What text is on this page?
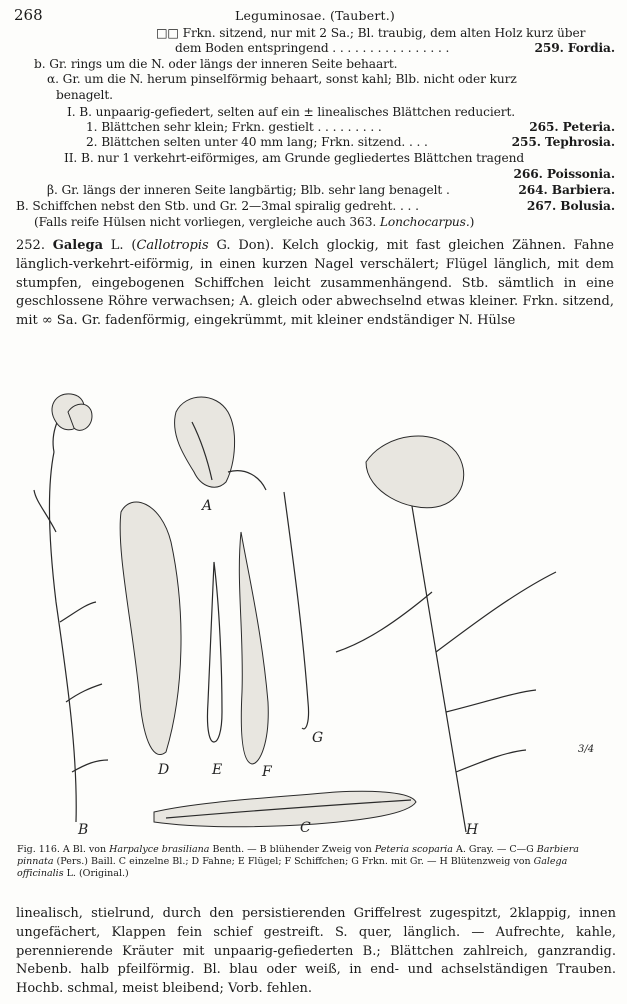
268	Leguminosae. (Taubert.)
□□ Frkn. sitzend, nur mit 2 Sa.; Bl. traubig, dem alten Holz kurz über
dem Boden entspringend . . . . . . . . . . . . . . . .	259. Fordia.
b. Gr. rings um die N. oder längs der inneren Seite behaart.
α. Gr. um die N. herum pinselförmig behaart, sonst kahl; Blb. nicht oder kurz
benagelt.
I. B. unpaarig-gefiedert, selten auf ein ± linealisches Blättchen reduciert.
1. Blättchen sehr klein; Frkn. gestielt . . . . . . . . .	265. Peteria.
2. Blättchen selten unter 40 mm lang; Frkn. sitzend. . . .	255. Tephrosia.
II. B. nur 1 verkehrt-eiförmiges, am Grunde gegliedertes Blättchen tragend
266. Poissonia.
β. Gr. längs der inneren Seite langbärtig; Blb. sehr lang benagelt .	264. Barbiera.
B. Schiffchen nebst den Stb. und Gr. 2—3mal spiralig gedreht. . . .	267. Bolusia.
(Falls reife Hülsen nicht vorliegen, vergleiche auch 363. Lonchocarpus.)
252. Galega L. (Callotropis G. Don). Kelch glockig, mit fast gleichen Zähnen. Fahne länglich-verkehrt-eiförmig, in einen kurzen Nagel verschälert; Flügel länglich, mit dem stumpfen, eingebogenen Schiffchen leicht zusammenhängend. Stb. sämtlich in eine geschlossene Röhre verwachsen; A. gleich oder abwechselnd etwas kleiner. Frkn. sitzend, mit ∞ Sa. Gr. fadenförmig, eingekrümmt, mit kleiner endständiger N. Hülse
A
B	C
D	E	F
G
H
3/4
Fig. 116. A Bl. von Harpalyce brasiliana Benth. — B blühender Zweig von Peteria scoparia A. Gray. — C—G Barbiera pinnata (Pers.) Baill. C einzelne Bl.; D Fahne; E Flügel; F Schiffchen; G Frkn. mit Gr. — H Blütenzweig von Galega officinalis L. (Original.)
linealisch, stielrund, durch den persistierenden Griffelrest zugespitzt, 2klappig, innen ungefächert, Klappen fein schief gestreift. S. quer, länglich. — Aufrechte, kahle, perennierende Kräuter mit unpaarig-gefiederten B.; Blättchen zahlreich, ganzrandig. Nebenb. halb pfeilförmig. Bl. blau oder weiß, in end- und achselständigen Trauben. Hochb. schmal, meist bleibend; Vorb. fehlen.
